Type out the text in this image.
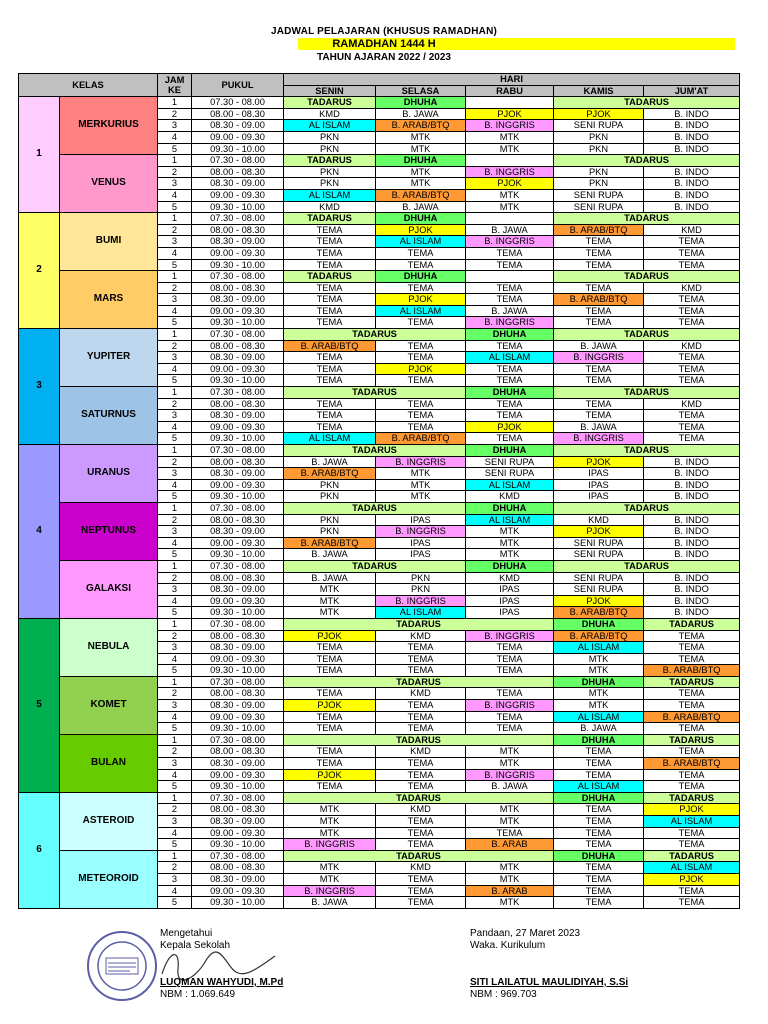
JADWAL PELAJARAN (KHUSUS RAMADHAN)
RAMADHAN 1444 H
TAHUN AJARAN 2022 / 2023
KELAS		JAM
KE	PUKUL	HARI				
				SENIN	SELASA	RABU	KAMIS	JUM'AT
1	MERKURIUS	1	07.30 - 08.00	TADARUS	DHUHA		TADARUS	
		2	08.00 - 08.30	KMD	B. JAWA	PJOK	PJOK	B. INDO
		3	08.30 - 09.00	AL ISLAM	B. ARAB/BTQ	B. INGGRIS	SENI RUPA	B. INDO
		4	09.00 - 09.30	PKN	MTK	MTK	PKN	B. INDO
		5	09.30 - 10.00	PKN	MTK	MTK	PKN	B. INDO
	VENUS	1	07.30 - 08.00	TADARUS	DHUHA		TADARUS	
		2	08.00 - 08.30	PKN	MTK	B. INGGRIS	PKN	B. INDO
		3	08.30 - 09.00	PKN	MTK	PJOK	PKN	B. INDO
		4	09.00 - 09.30	AL ISLAM	B. ARAB/BTQ	MTK	SENI RUPA	B. INDO
		5	09.30 - 10.00	KMD	B. JAWA	MTK	SENI RUPA	B. INDO
2	BUMI	1	07.30 - 08.00	TADARUS	DHUHA		TADARUS	
		2	08.00 - 08.30	TEMA	PJOK	B. JAWA	B. ARAB/BTQ	KMD
		3	08.30 - 09.00	TEMA	AL ISLAM	B. INGGRIS	TEMA	TEMA
		4	09.00 - 09.30	TEMA	TEMA	TEMA	TEMA	TEMA
		5	09.30 - 10.00	TEMA	TEMA	TEMA	TEMA	TEMA
	MARS	1	07.30 - 08.00	TADARUS	DHUHA		TADARUS	
		2	08.00 - 08.30	TEMA	TEMA	TEMA	TEMA	KMD
		3	08.30 - 09.00	TEMA	PJOK	TEMA	B. ARAB/BTQ	TEMA
		4	09.00 - 09.30	TEMA	AL ISLAM	B. JAWA	TEMA	TEMA
		5	09.30 - 10.00	TEMA	TEMA	B. INGGRIS	TEMA	TEMA
3	YUPITER	1	07.30 - 08.00	TADARUS		DHUHA	TADARUS	
		2	08.00 - 08.30	B. ARAB/BTQ	TEMA	TEMA	B. JAWA	KMD
		3	08.30 - 09.00	TEMA	TEMA	AL ISLAM	B. INGGRIS	TEMA
		4	09.00 - 09.30	TEMA	PJOK	TEMA	TEMA	TEMA
		5	09.30 - 10.00	TEMA	TEMA	TEMA	TEMA	TEMA
	SATURNUS	1	07.30 - 08.00	TADARUS		DHUHA	TADARUS	
		2	08.00 - 08.30	TEMA	TEMA	TEMA	TEMA	KMD
		3	08.30 - 09.00	TEMA	TEMA	TEMA	TEMA	TEMA
		4	09.00 - 09.30	TEMA	TEMA	PJOK	B. JAWA	TEMA
		5	09.30 - 10.00	AL ISLAM	B. ARAB/BTQ	TEMA	B. INGGRIS	TEMA
4	URANUS	1	07.30 - 08.00	TADARUS		DHUHA	TADARUS	
		2	08.00 - 08.30	B. JAWA	B. INGGRIS	SENI RUPA	PJOK	B. INDO
		3	08.30 - 09.00	B. ARAB/BTQ	MTK	SENI RUPA	IPAS	B. INDO
		4	09.00 - 09.30	PKN	MTK	AL ISLAM	IPAS	B. INDO
		5	09.30 - 10.00	PKN	MTK	KMD	IPAS	B. INDO
	NEPTUNUS	1	07.30 - 08.00	TADARUS		DHUHA	TADARUS	
		2	08.00 - 08.30	PKN	IPAS	AL ISLAM	KMD	B. INDO
		3	08.30 - 09.00	PKN	B. INGGRIS	MTK	PJOK	B. INDO
		4	09.00 - 09.30	B. ARAB/BTQ	IPAS	MTK	SENI RUPA	B. INDO
		5	09.30 - 10.00	B. JAWA	IPAS	MTK	SENI RUPA	B. INDO
	GALAKSI	1	07.30 - 08.00	TADARUS		DHUHA	TADARUS	
		2	08.00 - 08.30	B. JAWA	PKN	KMD	SENI RUPA	B. INDO
		3	08.30 - 09.00	MTK	PKN	IPAS	SENI RUPA	B. INDO
		4	09.00 - 09.30	MTK	B. INGGRIS	IPAS	PJOK	B. INDO
		5	09.30 - 10.00	MTK	AL ISLAM	IPAS	B. ARAB/BTQ	B. INDO
5	NEBULA	1	07.30 - 08.00	TADARUS			DHUHA	TADARUS
		2	08.00 - 08.30	PJOK	KMD	B. INGGRIS	B. ARAB/BTQ	TEMA
		3	08.30 - 09.00	TEMA	TEMA	TEMA	AL ISLAM	TEMA
		4	09.00 - 09.30	TEMA	TEMA	TEMA	MTK	TEMA
		5	09.30 - 10.00	TEMA	TEMA	TEMA	MTK	B. ARAB/BTQ
	KOMET	1	07.30 - 08.00	TADARUS			DHUHA	TADARUS
		2	08.00 - 08.30	TEMA	KMD	TEMA	MTK	TEMA
		3	08.30 - 09.00	PJOK	TEMA	B. INGGRIS	MTK	TEMA
		4	09.00 - 09.30	TEMA	TEMA	TEMA	AL ISLAM	B. ARAB/BTQ
		5	09.30 - 10.00	TEMA	TEMA	TEMA	B. JAWA	TEMA
	BULAN	1	07.30 - 08.00	TADARUS			DHUHA	TADARUS
		2	08.00 - 08.30	TEMA	KMD	MTK	TEMA	TEMA
		3	08.30 - 09.00	TEMA	TEMA	MTK	TEMA	B. ARAB/BTQ
		4	09.00 - 09.30	PJOK	TEMA	B. INGGRIS	TEMA	TEMA
		5	09.30 - 10.00	TEMA	TEMA	B. JAWA	AL ISLAM	TEMA
6	ASTEROID	1	07.30 - 08.00	TADARUS			DHUHA	TADARUS
		2	08.00 - 08.30	MTK	KMD	MTK	TEMA	PJOK
		3	08.30 - 09.00	MTK	TEMA	MTK	TEMA	AL ISLAM
		4	09.00 - 09.30	MTK	TEMA	TEMA	TEMA	TEMA
		5	09.30 - 10.00	B. INGGRIS	TEMA	B. ARAB	TEMA	TEMA
	METEOROID	1	07.30 - 08.00	TADARUS			DHUHA	TADARUS
		2	08.00 - 08.30	MTK	KMD	MTK	TEMA	AL ISLAM
		3	08.30 - 09.00	MTK	TEMA	MTK	TEMA	PJOK
		4	09.00 - 09.30	B. INGGRIS	TEMA	B. ARAB	TEMA	TEMA
		5	09.30 - 10.00	B. JAWA	TEMA	MTK	TEMA	TEMA
Mengetahui
Kepala Sekolah
LUQMAN WAHYUDI, M.Pd
NBM : 1.069.649
Pandaan, 27 Maret 2023
Waka. Kurikulum
SITI LAILATUL MAULIDIYAH, S.Si
NBM : 969.703
